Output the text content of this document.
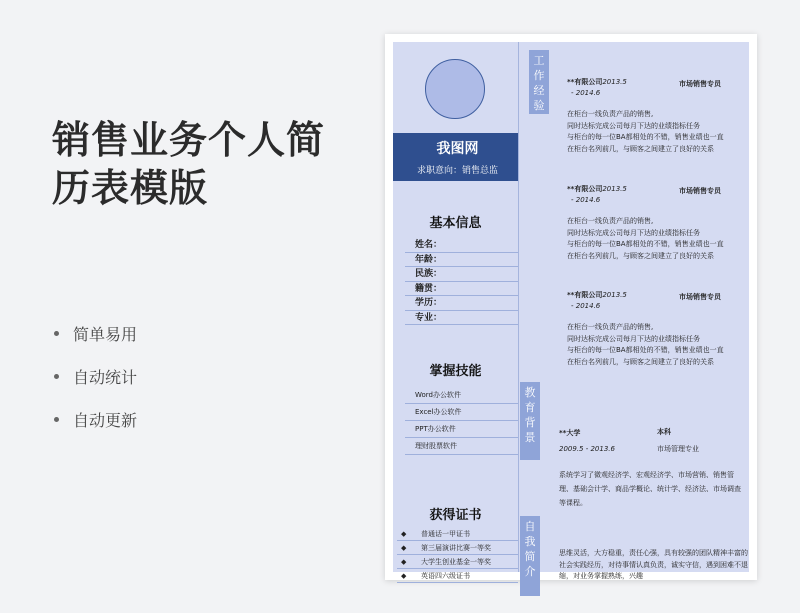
销售业务个人简
历表模版
简单易用
自动统计
自动更新
基本信息
姓名：
年龄：
民族：
籍贯：
学历：
专业：
掌握技能
Word办公软件
Excel办公软件
PPT办公软件
理财股票软件
获得证书
◆ 普通话一甲证书
◆ 第三届演讲比赛一等奖
◆ 大学生创业基金一等奖
◆ 英语四六级证书
我图网
求职意向：销售总监
工作经验
**有限公司2013.5
- 2014.6
市场销售专员
在柜台一线负责产品的销售,
同时达标完成公司每月下达的业绩指标任务
与柜台的每一位BA都相处的不错，销售业绩也一直
在柜台名列前几，与顾客之间建立了良好的关系
**有限公司2013.5
- 2014.6
市场销售专员
在柜台一线负责产品的销售,
同时达标完成公司每月下达的业绩指标任务
与柜台的每一位BA都相处的不错，销售业绩也一直
在柜台名列前几，与顾客之间建立了良好的关系
**有限公司2013.5
- 2014.6
市场销售专员
在柜台一线负责产品的销售,
同时达标完成公司每月下达的业绩指标任务
与柜台的每一位BA都相处的不错，销售业绩也一直
在柜台名列前几，与顾客之间建立了良好的关系
教育背景	**大学
2009.5 - 2013.6
本科
市场管理专业
系统学习了微观经济学、宏观经济学、市场营销、销售管理、基础会计学、商品学概论、统计学、经济法、市场调查等课程。
自我简介
思维灵活，大方稳重，责任心强，具有较强的团队精神丰富的社会实践经历，对待事情认真负责，诚实守信，遇到困难不退缩，对业务掌握熟练，兴趣
